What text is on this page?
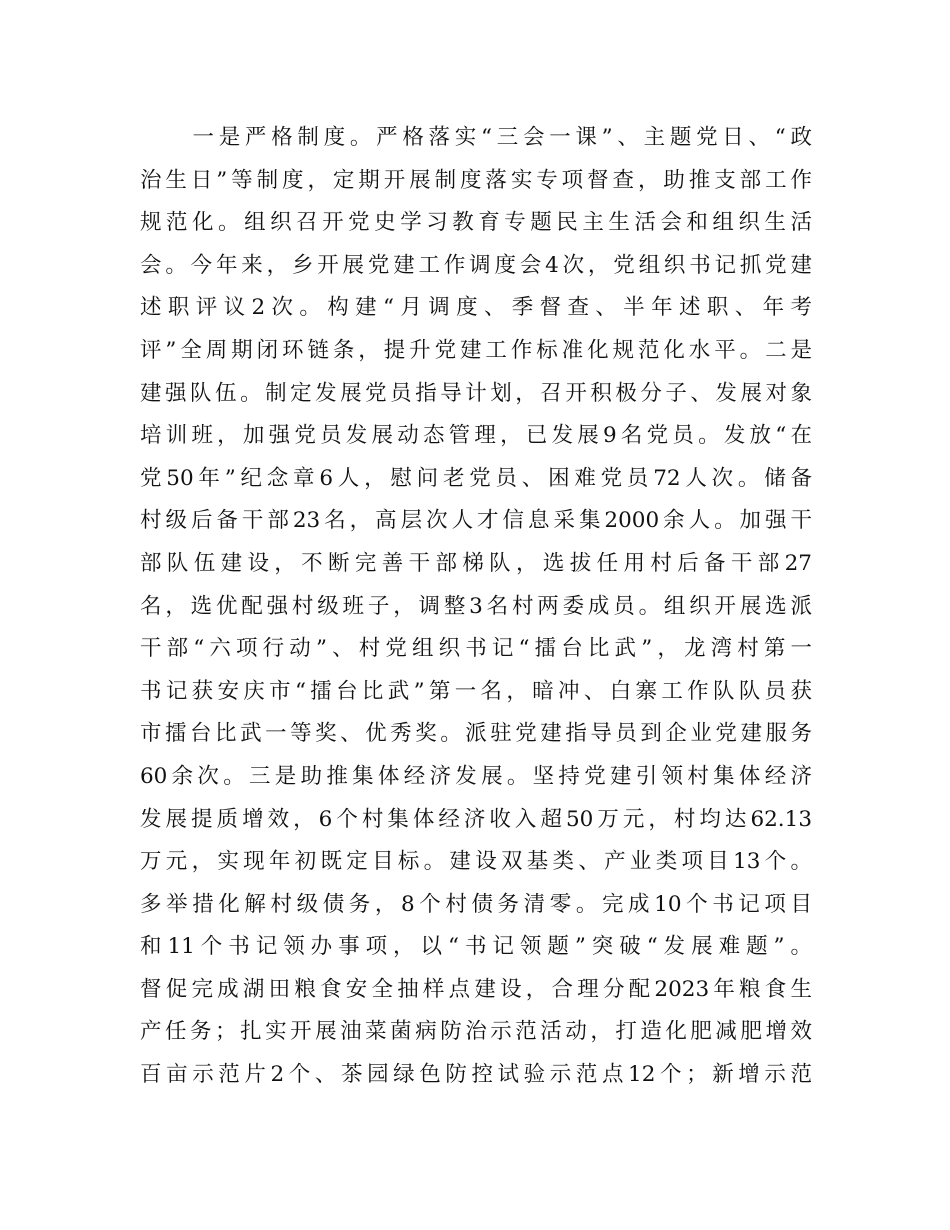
　　一是严格制度。严格落实“三会一课”、主题党日、“政
治生日”等制度，定期开展制度落实专项督查，助推支部工作
规范化。组织召开党史学习教育专题民主生活会和组织生活
会。今年来，乡开展党建工作调度会4次，党组织书记抓党建
述职评议2次。构建“月调度、季督查、半年述职、年考
评”全周期闭环链条，提升党建工作标准化规范化水平。二是
建强队伍。制定发展党员指导计划，召开积极分子、发展对象
培训班，加强党员发展动态管理，已发展9名党员。发放“在
党50年”纪念章6人，慰问老党员、困难党员72人次。储备
村级后备干部23名，高层次人才信息采集2000余人。加强干
部队伍建设，不断完善干部梯队，选拔任用村后备干部27
名，选优配强村级班子，调整3名村两委成员。组织开展选派
干部“六项行动”、村党组织书记“擂台比武”，龙湾村第一
书记获安庆市“擂台比武”第一名，暗冲、白寨工作队队员获
市擂台比武一等奖、优秀奖。派驻党建指导员到企业党建服务
60余次。三是助推集体经济发展。坚持党建引领村集体经济
发展提质增效，6个村集体经济收入超50万元，村均达62.13
万元，实现年初既定目标。建设双基类、产业类项目13个。
多举措化解村级债务，8个村债务清零。完成10个书记项目
和11个书记领办事项，以“书记领题”突破“发展难题”。
督促完成湖田粮食安全抽样点建设，合理分配2023年粮食生
产任务；扎实开展油菜菌病防治示范活动，打造化肥减肥增效
百亩示范片2个、茶园绿色防控试验示范点12个；新增示范
